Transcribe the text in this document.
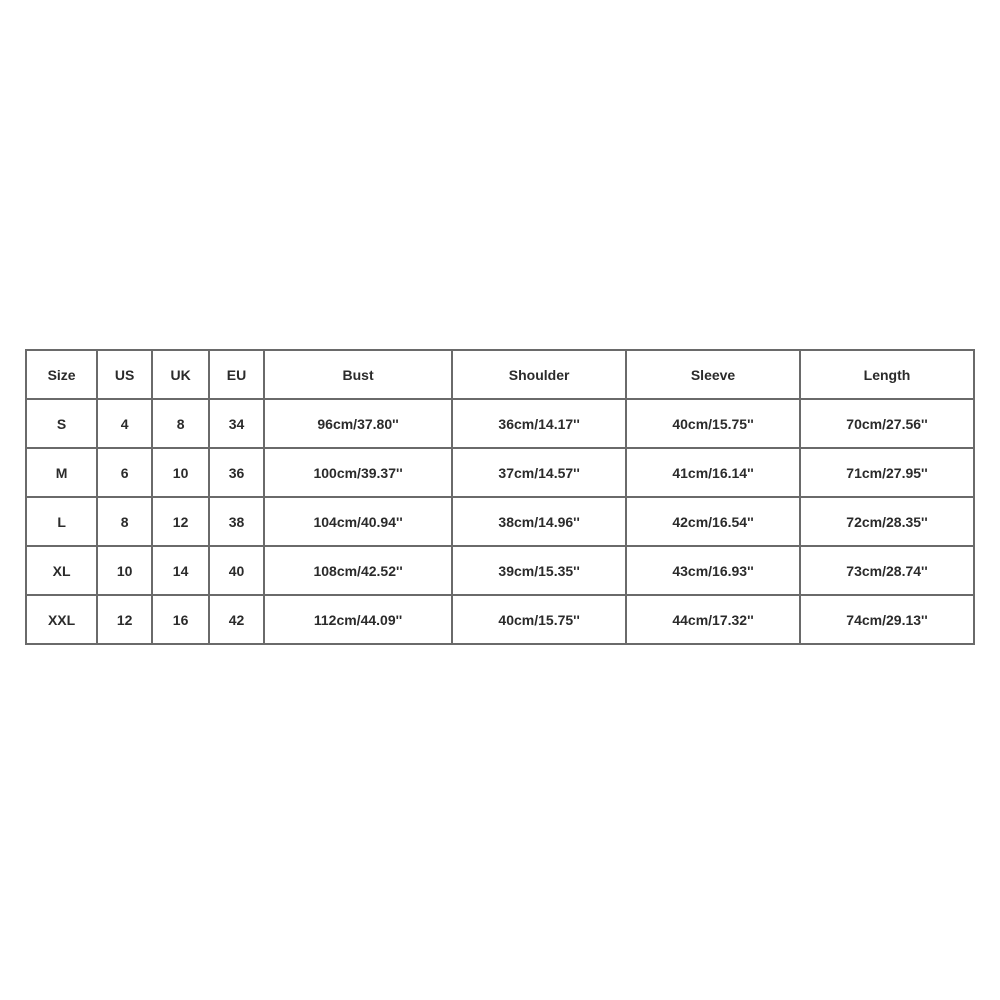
Size	US	UK	EU	Bust	Shoulder	Sleeve	Length
S	4	8	34	96cm/37.80''	36cm/14.17''	40cm/15.75''	70cm/27.56''
M	6	10	36	100cm/39.37''	37cm/14.57''	41cm/16.14''	71cm/27.95''
L	8	12	38	104cm/40.94''	38cm/14.96''	42cm/16.54''	72cm/28.35''
XL	10	14	40	108cm/42.52''	39cm/15.35''	43cm/16.93''	73cm/28.74''
XXL	12	16	42	112cm/44.09''	40cm/15.75''	44cm/17.32''	74cm/29.13''
